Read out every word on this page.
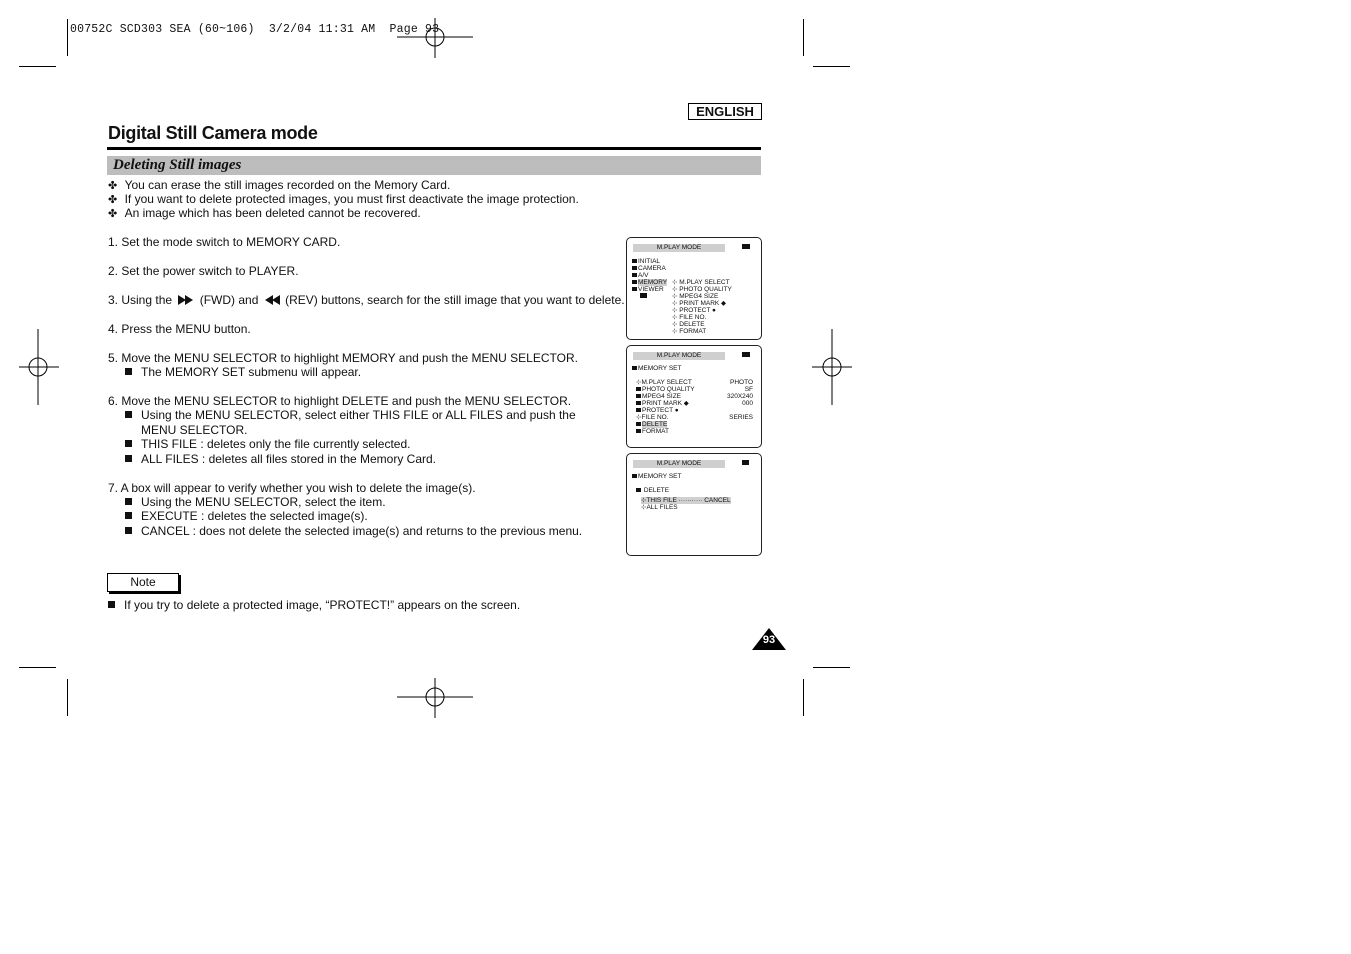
00752C SCD303 SEA (60~106)  3/2/04 11:31 AM  Page 93
ENGLISH
Digital Still Camera mode
Deleting Still images
✤ You can erase the still images recorded on the Memory Card.
✤ If you want to delete protected images, you must first deactivate the image protection.
✤ An image which has been deleted cannot be recovered.
1. Set the mode switch to MEMORY CARD.
2. Set the power switch to PLAYER.
3. Using the (FWD) and (REV) buttons, search for the still image that you want to delete.
4. Press the MENU button.
5. Move the MENU SELECTOR to highlight MEMORY and push the MENU SELECTOR.
The MEMORY SET submenu will appear.
6. Move the MENU SELECTOR to highlight DELETE and push the MENU SELECTOR.
Using the MENU SELECTOR, select either THIS FILE or ALL FILES and push the
MENU SELECTOR.
THIS FILE : deletes only the file currently selected.
ALL FILES : deletes all files stored in the Memory Card.
7. A box will appear to verify whether you wish to delete the image(s).
Using the MENU SELECTOR, select the item.
EXECUTE : deletes the selected image(s).
CANCEL : does not delete the selected image(s) and returns to the previous menu.
Note
If you try to delete a protected image, “PROTECT!” appears on the screen.
93
M.PLAY MODE
INITIAL
CAMERA
A/V
MEMORY
VIEWER
⊹ M.PLAY SELECT
⊹ PHOTO QUALITY
⊹ MPEG4 SIZE
⊹ PRINT MARK ◆
⊹ PROTECT ●
⊹ FILE NO.
⊹ DELETE
⊹ FORMAT
M.PLAY MODE
MEMORY SET
⊹M.PLAY SELECT	PHOTO
PHOTO QUALITY	SF
MPEG4 SIZE	320X240
PRINT MARK ◆	000
PROTECT ●
⊹FILE NO.	SERIES
DELETE
FORMAT
M.PLAY MODE
MEMORY SET
DELETE
⊹THIS FILE ··········· CANCEL
⊹ALL FILES
